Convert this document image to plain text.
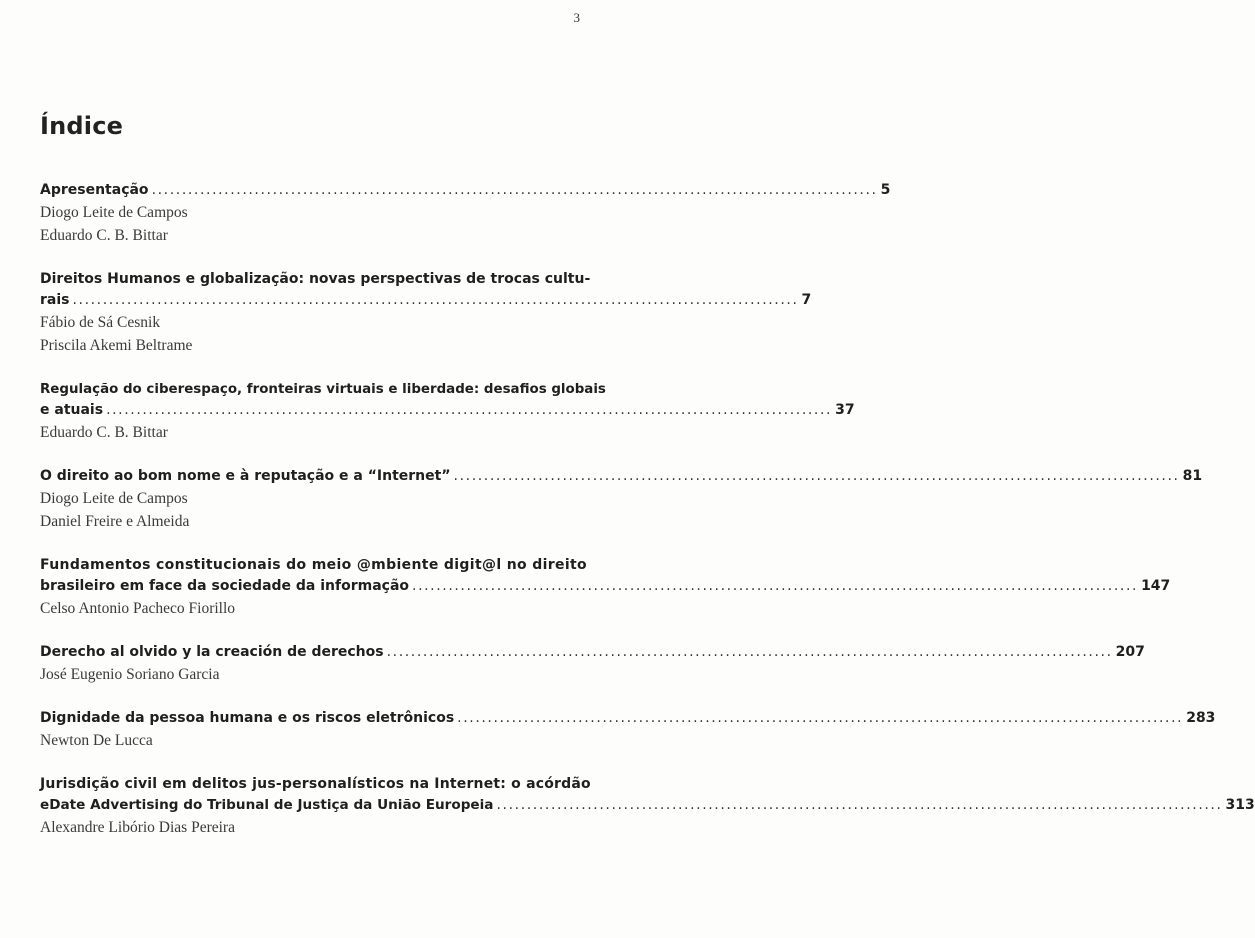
3
Índice
Apresentação ........................................................................................................................ 5
Diogo Leite de Campos
Eduardo C. B. Bittar
Direitos Humanos e globalização: novas perspectivas de trocas cultu-
rais ........................................................................................................................ 7
Fábio de Sá Cesnik
Priscila Akemi Beltrame
Regulação do ciberespaço, fronteiras virtuais e liberdade: desafios globais
e atuais ........................................................................................................................ 37
Eduardo C. B. Bittar
O direito ao bom nome e à reputação e a “Internet” ........................................................................................................................ 81
Diogo Leite de Campos
Daniel Freire e Almeida
Fundamentos constitucionais do meio @mbiente digit@l no direito
brasileiro em face da sociedade da informação ........................................................................................................................ 147
Celso Antonio Pacheco Fiorillo
Derecho al olvido y la creación de derechos ........................................................................................................................ 207
José Eugenio Soriano Garcia
Dignidade da pessoa humana e os riscos eletrônicos ........................................................................................................................ 283
Newton De Lucca
Jurisdição civil em delitos jus-personalísticos na Internet: o acórdão
eDate Advertising do Tribunal de Justiça da União Europeia ........................................................................................................................ 313
Alexandre Libório Dias Pereira
